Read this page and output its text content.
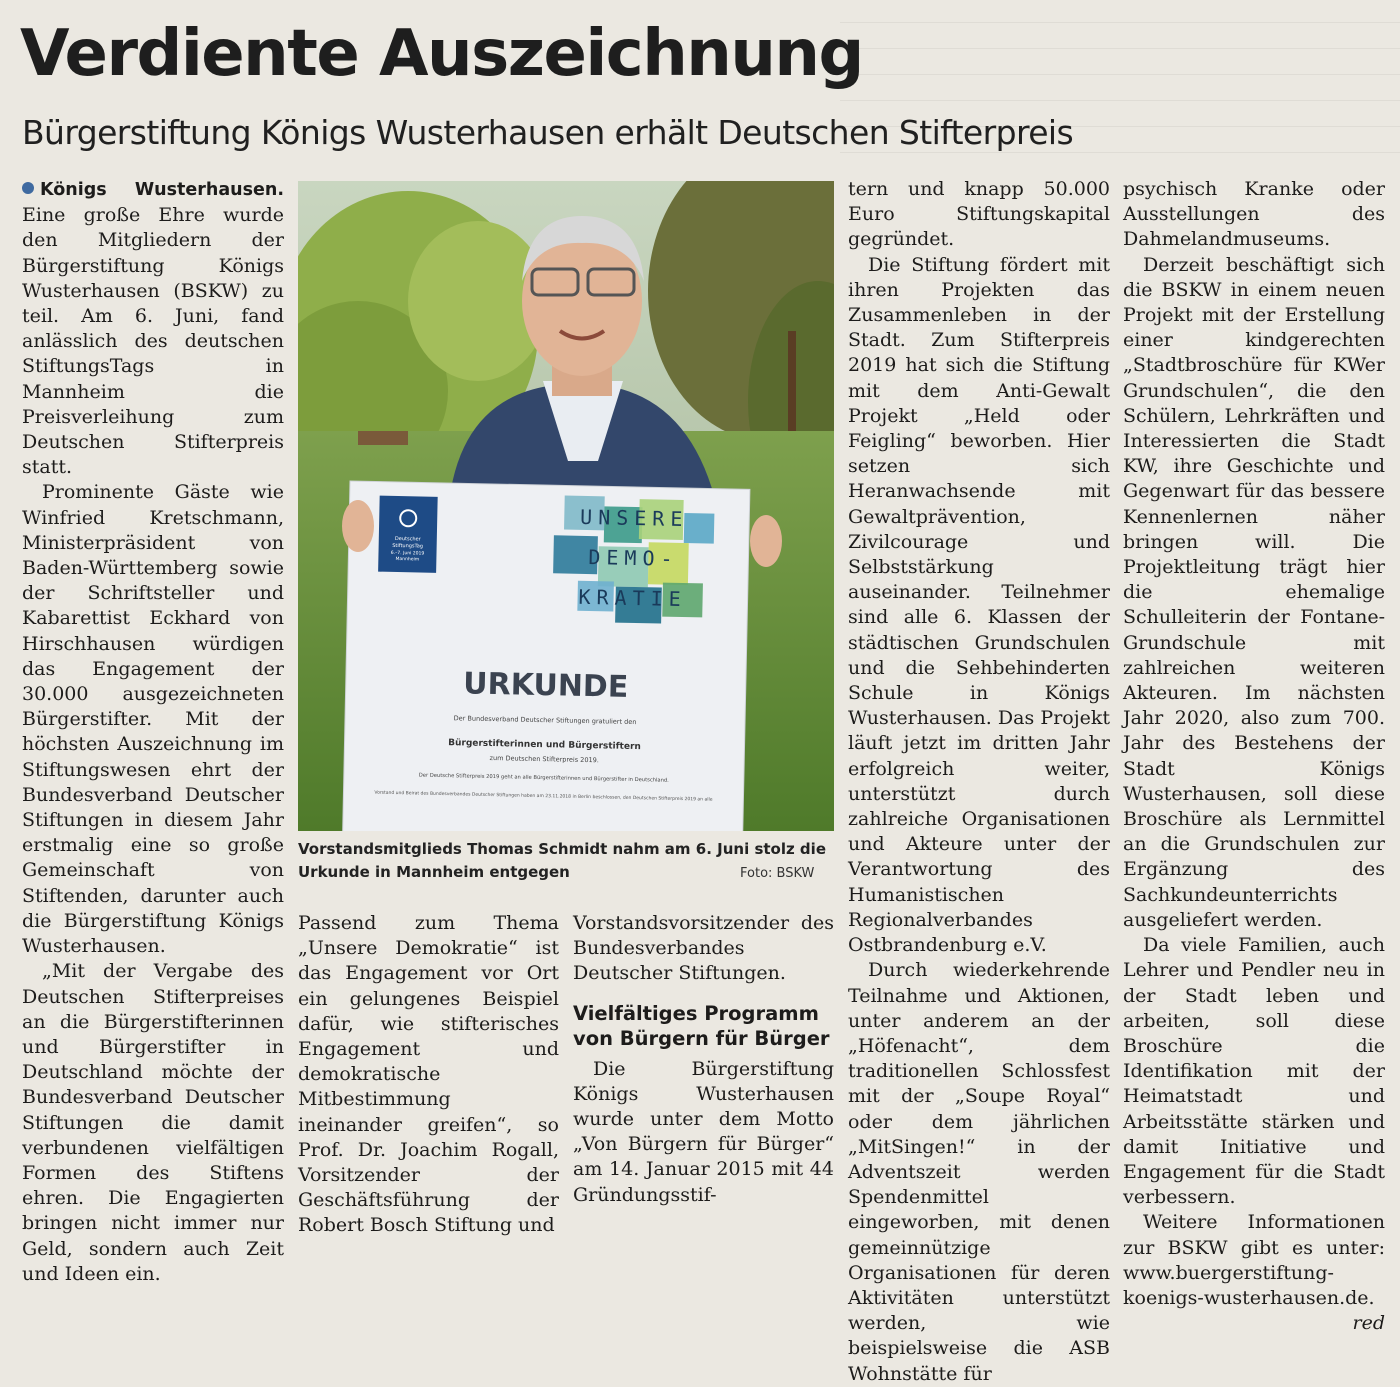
Verdiente Auszeichnung
Bürgerstiftung Königs Wusterhausen erhält Deutschen Stifterpreis

Königs Wusterhausen. Eine große Ehre wurde den Mitgliedern der Bürgerstiftung Königs Wusterhausen (BSKW) zu teil. Am 6. Juni, fand anlässlich des deutschen StiftungsTags in Mannheim die Preisverleihung zum Deutschen Stifterpreis statt.

Prominente Gäste wie Winfried Kretschmann, Ministerpräsident von Baden-Württemberg sowie der Schriftsteller und Kabarettist Eckhard von Hirschhausen würdigen das Engagement der 30.000 ausgezeichneten Bürgerstifter. Mit der höchsten Auszeichnung im Stiftungswesen ehrt der Bundesverband Deutscher Stiftungen in diesem Jahr erstmalig eine so große Gemeinschaft von Stiftenden, darunter auch die Bürgerstiftung Königs Wusterhausen.

„Mit der Vergabe des Deutschen Stifterpreises an die Bürgerstifterinnen und Bürgerstifter in Deutschland möchte der Bundesverband Deutscher Stiftungen die damit verbundenen vielfältigen Formen des Stiftens ehren. Die Engagierten bringen nicht immer nur Geld, sondern auch Zeit und Ideen ein.

Deutscher
StiftungsTag
6.–7. Juni 2019
Mannheim
UNSERE
DEMO-
KRATIE
URKUNDE
Der Bundesverband Deutscher Stiftungen gratuliert den
Bürgerstifterinnen und Bürgerstiftern
zum Deutschen Stifterpreis 2019.
Der Deutsche Stifterpreis 2019 geht an alle Bürgerstifterinnen und Bürgerstifter in Deutschland.
Vorstand und Beirat des Bundesverbandes Deutscher Stiftungen haben am 23.11.2018 in Berlin beschlossen, den Deutschen Stifterpreis 2019 an alle
Vorstandsmitglieds Thomas Schmidt nahm am 6. Juni stolz die Urkunde in Mannheim entgegen	Foto: BSKW

Passend zum Thema „Unsere Demokratie“ ist das Engagement vor Ort ein gelungenes Beispiel dafür, wie stifterisches Engagement und demokratische Mitbestimmung ineinander greifen“, so Prof. Dr. Joachim Rogall, Vorsitzender der Geschäftsführung der Robert Bosch Stiftung und

Vorstandsvorsitzender des Bundesverbandes Deutscher Stiftungen.

Vielfältiges Programm von Bürgern für Bürger

Die Bürgerstiftung Königs Wusterhausen wurde unter dem Motto „Von Bürgern für Bürger“ am 14. Januar 2015 mit 44 Gründungsstif-

tern und knapp 50.000 Euro Stiftungskapital gegründet.

Die Stiftung fördert mit ihren Projekten das Zusammenleben in der Stadt. Zum Stifterpreis 2019 hat sich die Stiftung mit dem Anti-Gewalt Projekt „Held oder Feigling“ beworben. Hier setzen sich Heranwachsende mit Gewaltprävention, Zivilcourage und Selbststärkung auseinander. Teilnehmer sind alle 6. Klassen der städtischen Grundschulen und die Sehbehinderten Schule in Königs Wusterhausen. Das Projekt läuft jetzt im dritten Jahr erfolgreich weiter, unterstützt durch zahlreiche Organisationen und Akteure unter der Verantwortung des Humanistischen Regionalverbandes Ostbrandenburg e.V.

Durch wiederkehrende Teilnahme und Aktionen, unter anderem an der „Höfenacht“, dem traditionellen Schlossfest mit der „Soupe Royal“ oder dem jährlichen „MitSingen!“ in der Adventszeit werden Spendenmittel eingeworben, mit denen gemeinnützige Organisationen für deren Aktivitäten unterstützt werden, wie beispielsweise die ASB Wohnstätte für

psychisch Kranke oder Ausstellungen des Dahmelandmuseums.

Derzeit beschäftigt sich die BSKW in einem neuen Projekt mit der Erstellung einer kindgerechten „Stadtbroschüre für KWer Grundschulen“, die den Schülern, Lehrkräften und Interessierten die Stadt KW, ihre Geschichte und Gegenwart für das bessere Kennenlernen näher bringen will. Die Projektleitung trägt hier die ehemalige Schulleiterin der Fontane-Grundschule mit zahlreichen weiteren Akteuren. Im nächsten Jahr 2020, also zum 700. Jahr des Bestehens der Stadt Königs Wusterhausen, soll diese Broschüre als Lernmittel an die Grundschulen zur Ergänzung des Sachkundeunterrichts ausgeliefert werden.

Da viele Familien, auch Lehrer und Pendler neu in der Stadt leben und arbeiten, soll diese Broschüre die Identifikation mit der Heimatstadt und Arbeitsstätte stärken und damit Initiative und Engagement für die Stadt verbessern.

Weitere Informationen zur BSKW gibt es unter: www.buergerstiftung-koenigs-wusterhausen.de.
red
